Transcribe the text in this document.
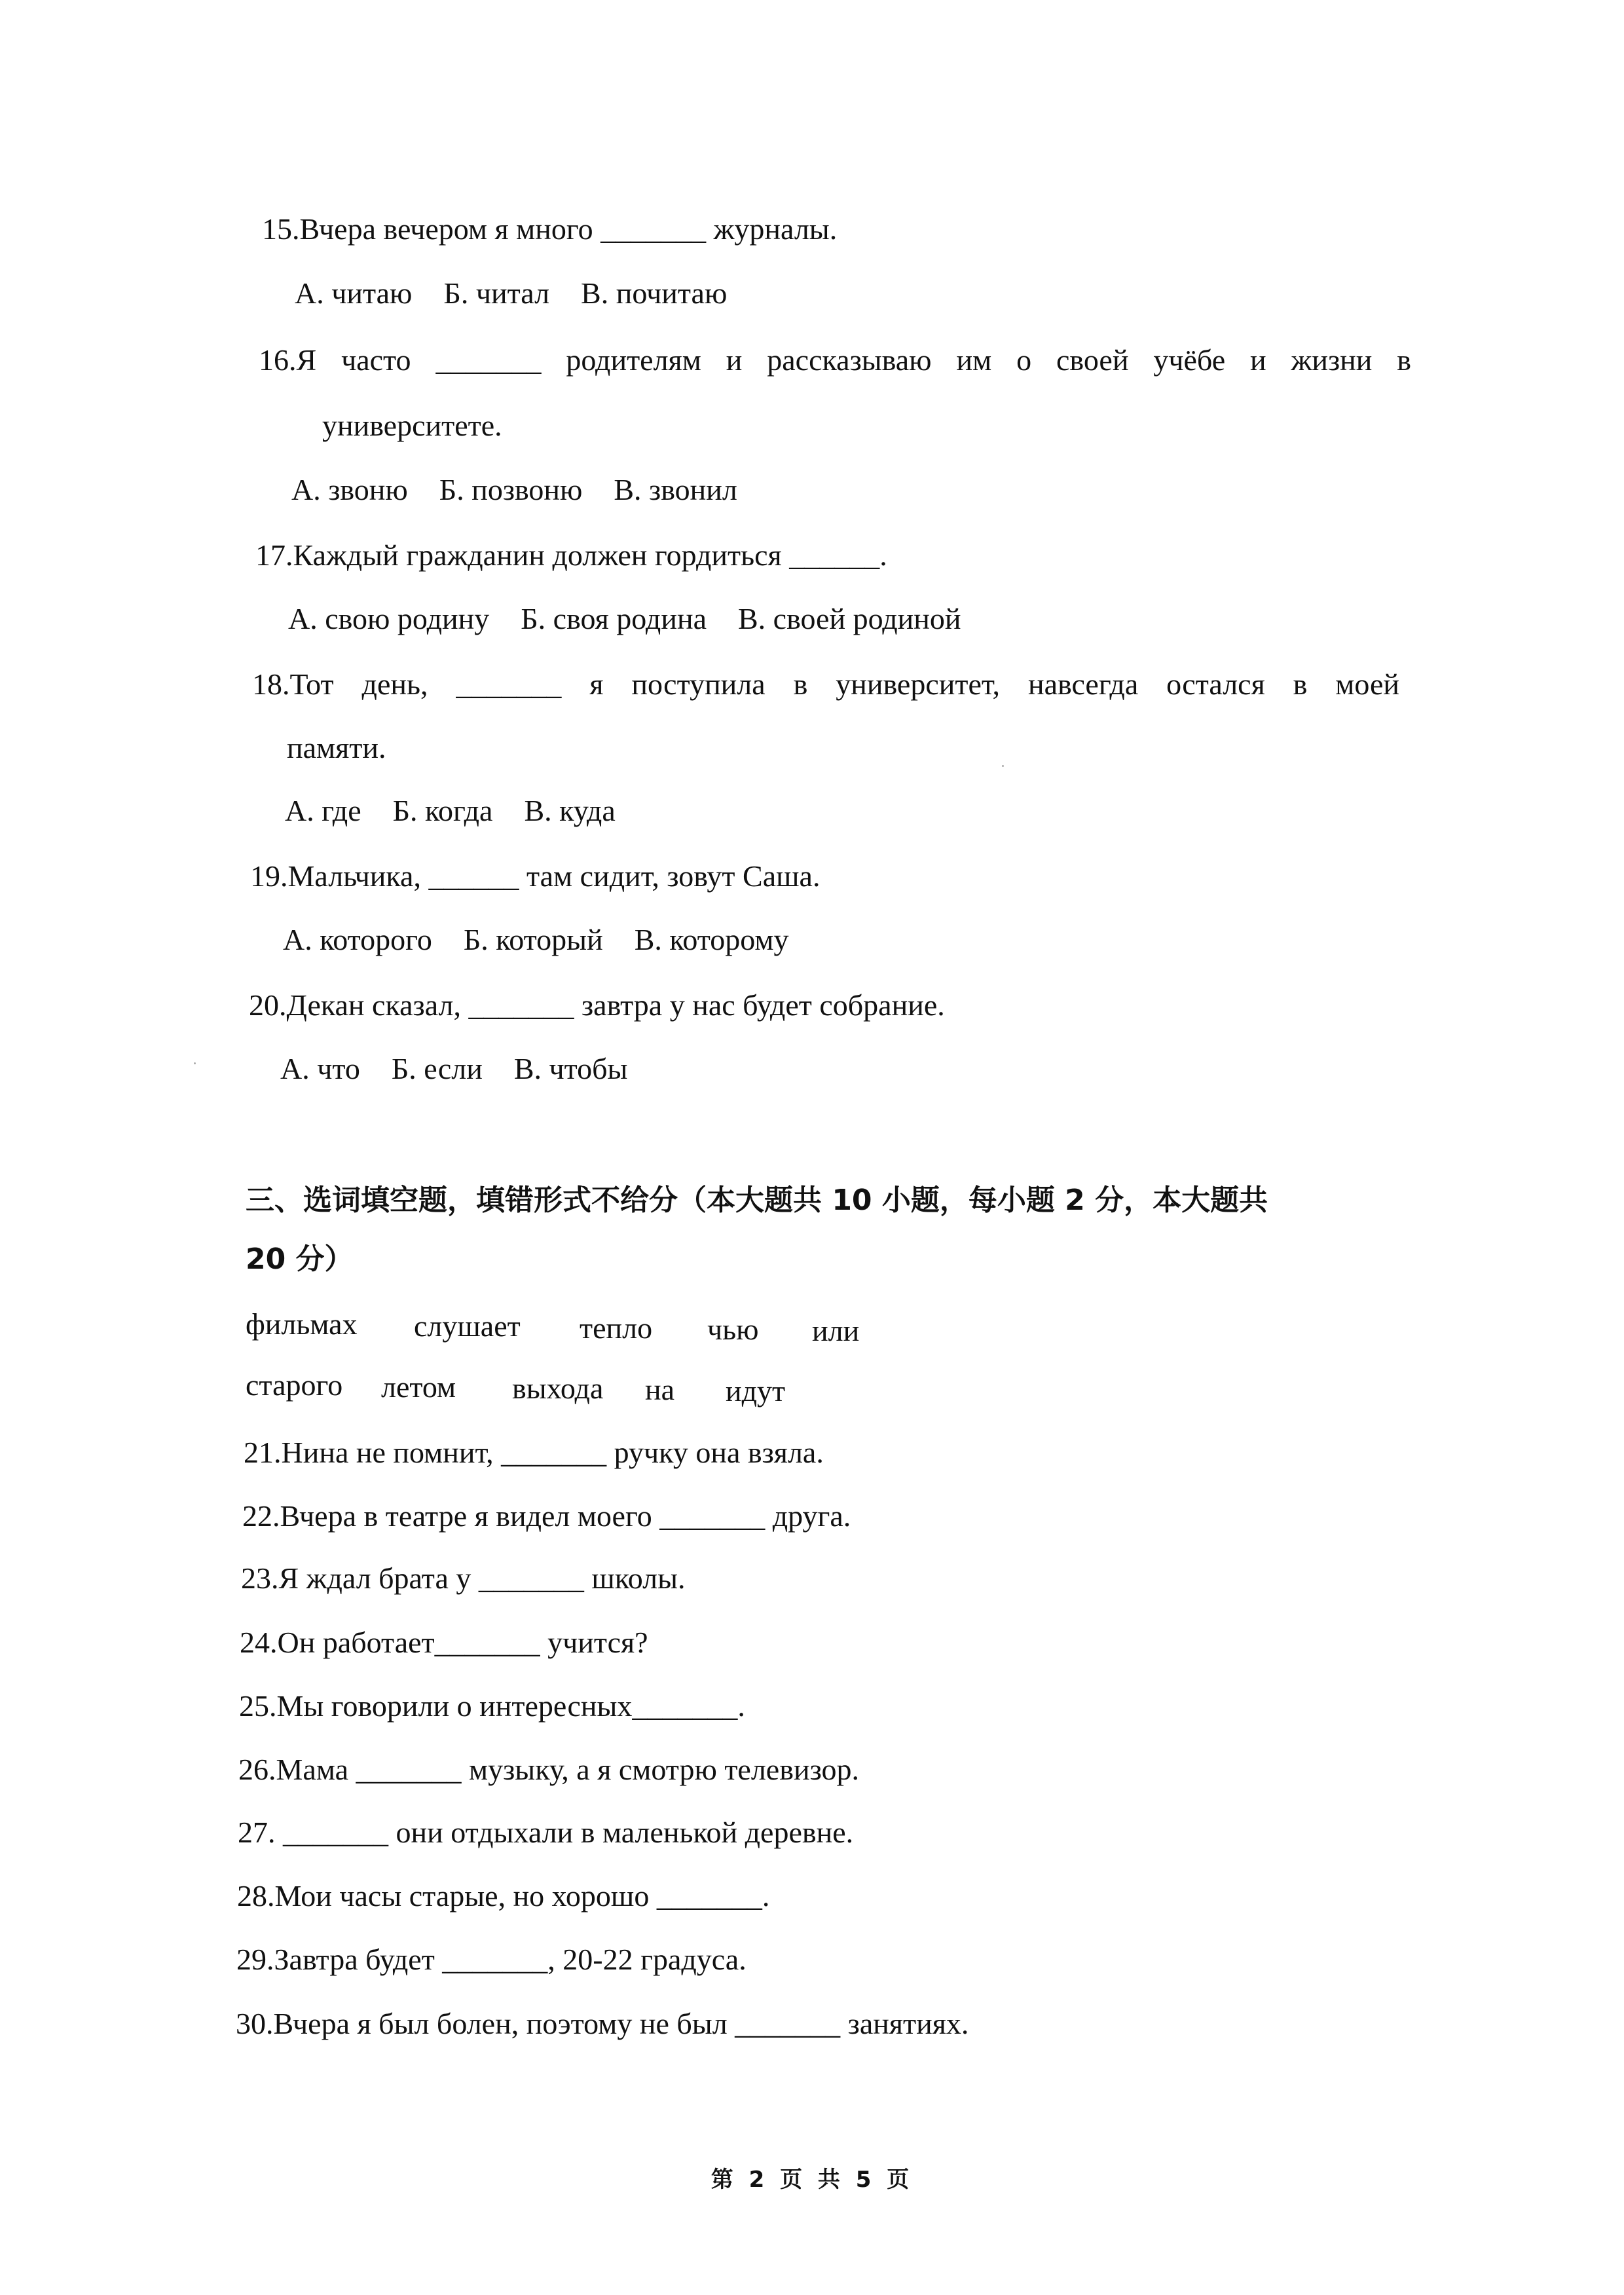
15.Вчера вечером я много _______ журналы.
А. читаю Б. читал В. почитаю
16.Я часто _______ родителям и рассказываю им о своей учёбе и жизни в
университете.
А. звоню Б. позвоню В. звонил
17.Каждый гражданин должен гордиться ______.
А. свою родину Б. своя родина В. своей родиной
18.Тот день, _______ я поступила в университет, навсегда остался в моей
памяти.
А. где Б. когда В. куда
19.Мальчика, ______ там сидит, зовут Саша.
А. которого Б. который В. которому
20.Декан сказал, _______ завтра у нас будет собрание.
А. что Б. если В. чтобы
三、选词填空题，填错形式不给分（本大题共 10 小题，每小题 2 分，本大题共
20 分）
фильмах слушает тепло чью или
старого летом выхода на идут
21.Нина не помнит, _______ ручку она взяла.
22.Вчера в театре я видел моего _______ друга.
23.Я ждал брата у _______ школы.
24.Он работает_______ учится?
25.Мы говорили о интересных_______.
26.Мама _______ музыку, а я смотрю телевизор.
27. _______ они отдыхали в маленькой деревне.
28.Мои часы старые, но хорошо _______.
29.Завтра будет _______, 20-22 градуса.
30.Вчера я был болен, поэтому не был _______ занятиях.
第 2 页 共 5 页
